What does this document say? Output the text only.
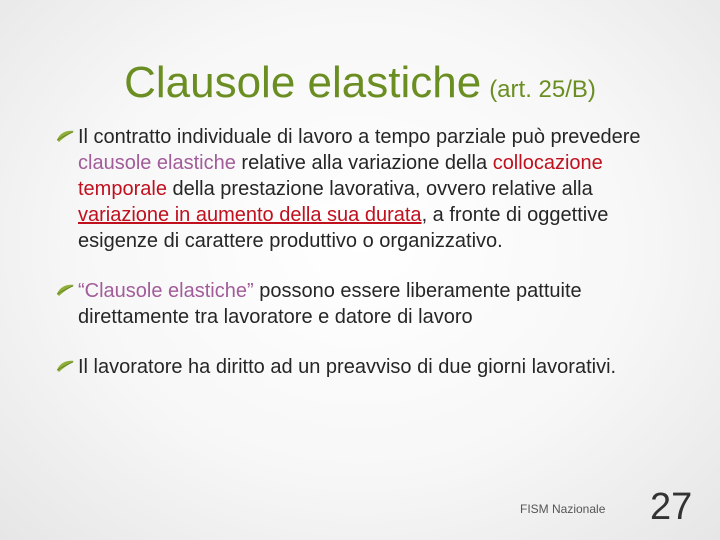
Clausole elastiche (art. 25/B)
Il contratto individuale di lavoro a tempo parziale può prevedere clausole elastiche relative alla variazione della collocazione temporale della prestazione lavorativa, ovvero relative alla variazione in aumento della sua durata, a fronte di oggettive esigenze di carattere produttivo o organizzativo.
“Clausole elastiche” possono essere liberamente pattuite direttamente tra lavoratore e datore di lavoro
Il lavoratore ha diritto ad un preavviso di due giorni lavorativi.
FISM Nazionale 27
